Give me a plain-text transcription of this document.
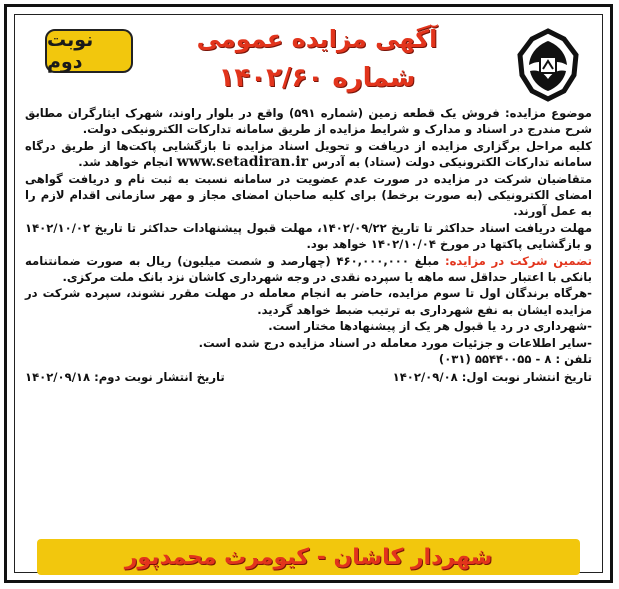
نوبت دوم
آگهی مزایده عمومی
شماره ۱۴۰۲/۶۰

موضوع مزایده: فروش یک قطعه زمین (شماره ۵۹۱) واقع در بلوار راوند، شهرک ایثارگران مطابق شرح مندرج در اسناد و مدارک و شرایط مزایده از طریق سامانه تدارکات الکترونیکی دولت.

کلیه مراحل برگزاری مزایده از دریافت و تحویل اسناد مزایده تا بازگشایی پاکت‌ها از طریق درگاه سامانه تدارکات الکترونیکی دولت (ستاد) به آدرس www.setadiran.ir انجام خواهد شد.

متقاضیان شرکت در مزایده در صورت عدم عضویت در سامانه نسبت به ثبت نام و دریافت گواهی امضای الکترونیکی (به صورت برخط) برای کلیه صاحبان امضای مجاز و مهر سازمانی اقدام لازم را به عمل آورند.

مهلت دریافت اسناد حداکثر تا تاریخ ۱۴۰۲/۰۹/۲۲، مهلت قبول پیشنهادات حداکثر تا تاریخ ۱۴۰۲/۱۰/۰۲ و بازگشایی پاکتها در مورخ ۱۴۰۲/۱۰/۰۴ خواهد بود.

تضمین شرکت در مزایده: مبلغ ۴۶۰,۰۰۰,۰۰۰ (چهارصد و شصت میلیون) ریال به صورت ضمانتنامه بانکی با اعتبار حداقل سه ماهه یا سپرده نقدی در وجه شهرداری کاشان نزد بانک ملت مرکزی.

-هرگاه برندگان اول تا سوم مزایده، حاضر به انجام معامله در مهلت مقرر نشوند، سپرده شرکت در مزایده ایشان به نفع شهرداری به ترتیب ضبط خواهد گردید.

-شهرداری در رد یا قبول هر یک از پیشنهادها مختار است.

-سایر اطلاعات و جزئیات مورد معامله در اسناد مزایده درج شده است.

تلفن : ۸ - ۵۵۴۴۰۰۵۵ (۰۳۱)

تاریخ انتشار نوبت اول: ۱۴۰۲/۰۹/۰۸
تاریخ انتشار نوبت دوم: ۱۴۰۲/۰۹/۱۸
شهردار کاشان - کیومرث محمدپور
